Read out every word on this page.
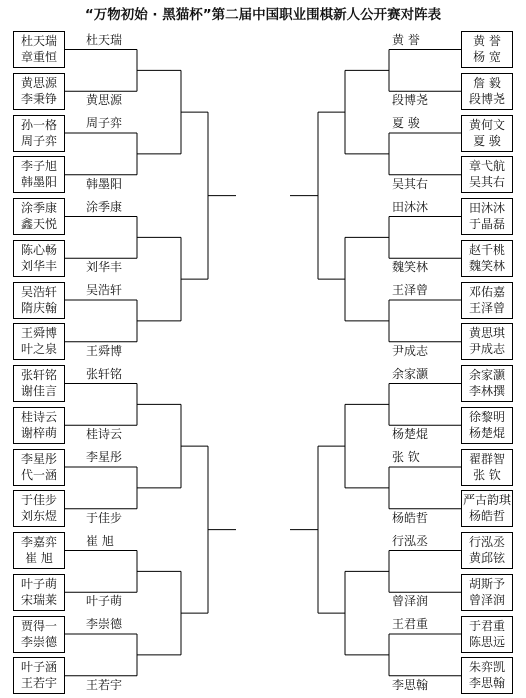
“万物初始 · 黑猫杯”第二届中国职业围棋新人公开赛对阵表
杜天瑞
章重恒
杜天瑞
黄思源
李秉铮	黄思源
孙一格
周子弈
周子弈
李子旭
韩墨阳	韩墨阳
涂季康
鑫天悦
涂季康
陈心畅
刘华丰	刘华丰
吴浩轩
隋庆翰
吴浩轩
王舜博
叶之泉	王舜博
张轩铭
谢佳言
张轩铭
桂诗云
谢梓萌	桂诗云
李星彤
代一涵
李星彤
于佳步
刘东煜	于佳步
李嘉弈
崔 旭
崔 旭
叶子萌
宋瑞莱	叶子萌
贾得一
李崇德
李崇德
叶子涵
王若宇	王若宇
黄 誉
杨 宽
黄 誉
詹 毅
段博尧
段博尧
黄何文
夏 骏
夏 骏
章弋航
吴其右
吴其右
田沐沐
于晶磊
田沐沐
赵千桃
魏笑林
魏笑林
邓佑嘉
王泽曾
王泽曾
黄思琪
尹成志
尹成志
余家灏
李林撰
余家灏
徐黎明
杨楚焜
杨楚焜
翟群智
张 钦
张 钦
严古韵琪
杨皓哲
杨皓哲
行泓丞
黄邱铉
行泓丞
胡斯予
曾泽润
曾泽润
于君重
陈思远
王君重
朱弈凯
李思翰
李思翰
